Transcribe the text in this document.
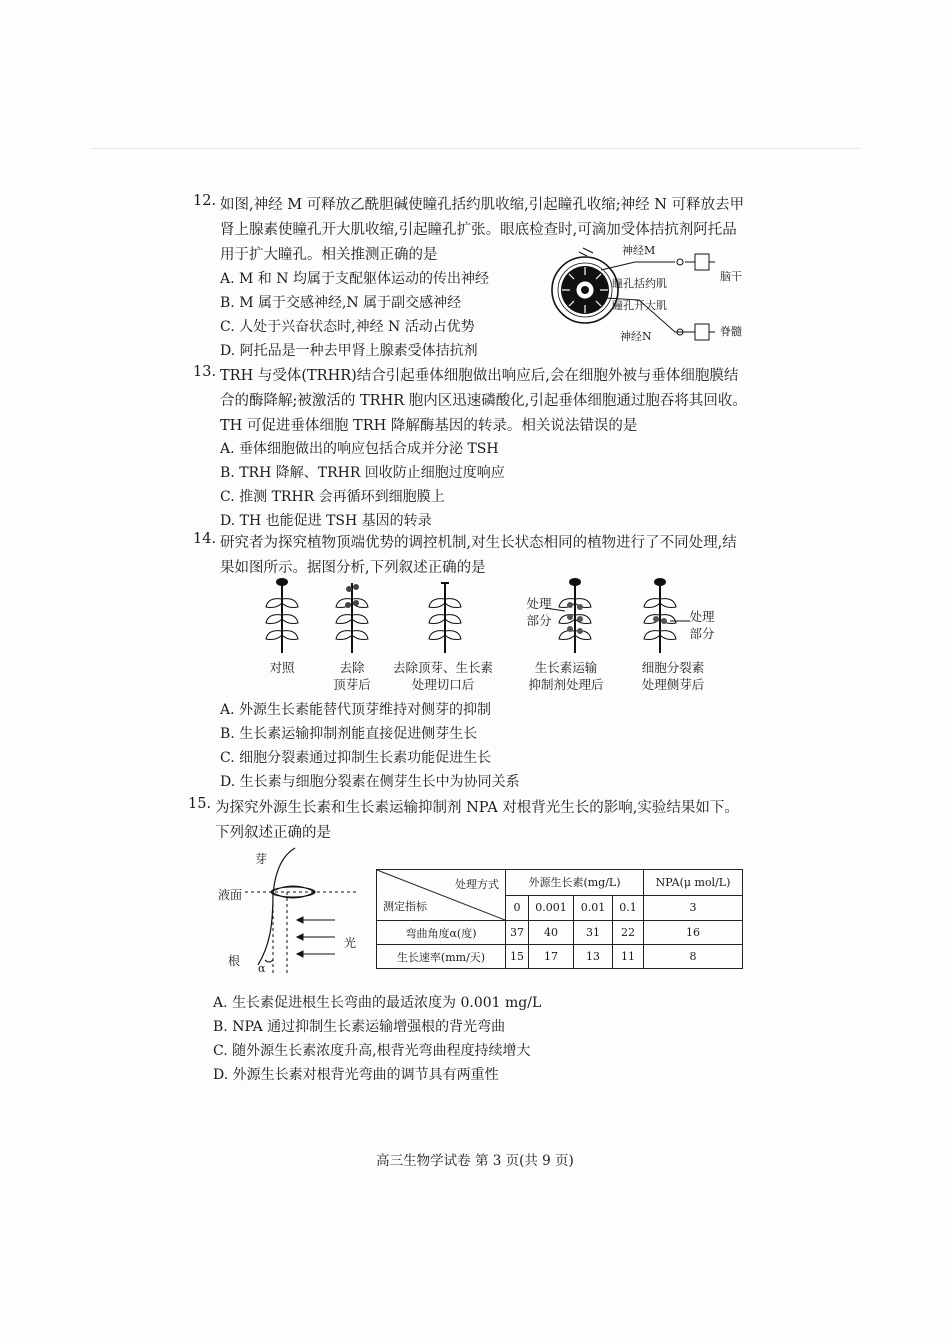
12. 如图,神经 M 可释放乙酰胆碱使瞳孔括约肌收缩,引起瞳孔收缩;神经 N 可释放去甲
肾上腺素使瞳孔开大肌收缩,引起瞳孔扩张。眼底检查时,可滴加受体拮抗剂阿托品
用于扩大瞳孔。相关推测正确的是
A. M 和 N 均属于支配躯体运动的传出神经
B. M 属于交感神经,N 属于副交感神经
C. 人处于兴奋状态时,神经 N 活动占优势
D. 阿托品是一种去甲肾上腺素受体拮抗剂
神经M
瞳孔括约肌
瞳孔开大肌
神经N
脑干
脊髓
13. TRH 与受体(TRHR)结合引起垂体细胞做出响应后,会在细胞外被与垂体细胞膜结
合的酶降解;被激活的 TRHR 胞内区迅速磷酸化,引起垂体细胞通过胞吞将其回收。
TH 可促进垂体细胞 TRH 降解酶基因的转录。相关说法错误的是
A. 垂体细胞做出的响应包括合成并分泌 TSH
B. TRH 降解、TRHR 回收防止细胞过度响应
C. 推测 TRHR 会再循环到细胞膜上
D. TH 也能促进 TSH 基因的转录
14. 研究者为探究植物顶端优势的调控机制,对生长状态相同的植物进行了不同处理,结
果如图所示。据图分析,下列叙述正确的是
处理
部分	处理
部分
对照	去除
顶芽后
去除顶芽、生长素
处理切口后
生长素运输
抑制剂处理后
细胞分裂素
处理侧芽后
A. 外源生长素能替代顶芽维持对侧芽的抑制
B. 生长素运输抑制剂能直接促进侧芽生长
C. 细胞分裂素通过抑制生长素功能促进生长
D. 生长素与细胞分裂素在侧芽生长中为协同关系
15. 为探究外源生长素和生长素运输抑制剂 NPA 对根背光生长的影响,实验结果如下。
下列叙述正确的是
芽
液面
根
光
α
处理方式
测定指标	外源生长素(mg/L)				NPA(μ mol/L)
	0	0.001	0.01	0.1	3
弯曲角度α(度)	37	40	31	22	16
生长速率(mm/天)	15	17	13	11	8
A. 生长素促进根生长弯曲的最适浓度为 0.001 mg/L
B. NPA 通过抑制生长素运输增强根的背光弯曲
C. 随外源生长素浓度升高,根背光弯曲程度持续增大
D. 外源生长素对根背光弯曲的调节具有两重性
高三生物学试卷 第 3 页(共 9 页)
